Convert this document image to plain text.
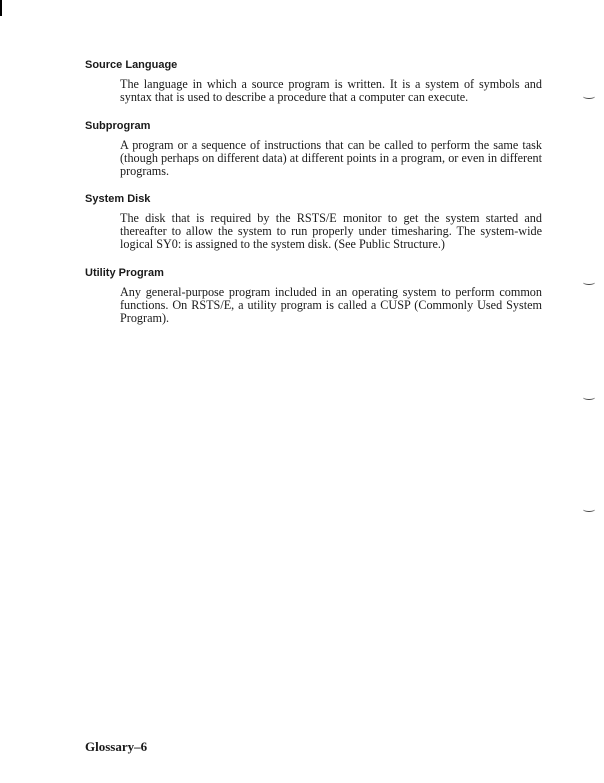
Source Language

The language in which a source program is written. It is a system of symbols and syntax that is used to describe a procedure that a computer can execute.

Subprogram

A program or a sequence of instructions that can be called to perform the same task (though perhaps on different data) at different points in a program, or even in different programs.

System Disk

The disk that is required by the RSTS/E monitor to get the system started and thereafter to allow the system to run properly under timesharing. The system-wide logical SY0: is assigned to the system disk. (See Public Structure.)

Utility Program

Any general-purpose program included in an operating system to perform common functions. On RSTS/E, a utility program is called a CUSP (Commonly Used System Program).

Glossary–6
